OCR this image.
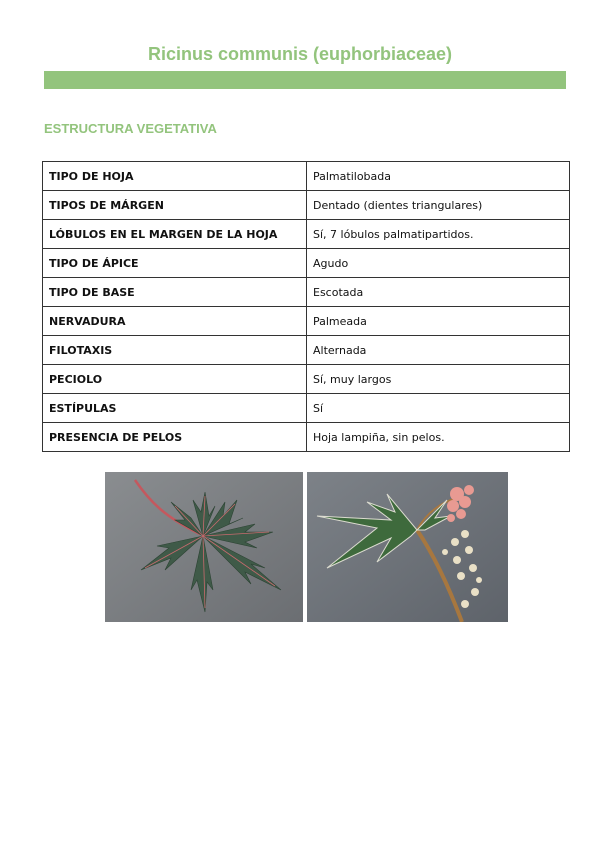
Ricinus communis (euphorbiaceae)
ESTRUCTURA VEGETATIVA
TIPO DE HOJA	Palmatilobada
TIPOS DE MÁRGEN	Dentado (dientes triangulares)
LÓBULOS EN EL MARGEN DE LA HOJA	Sí, 7 lóbulos palmatipartidos.
TIPO DE ÁPICE	Agudo
TIPO DE BASE	Escotada
NERVADURA	Palmeada
FILOTAXIS	Alternada
PECIOLO	Sí, muy largos
ESTÍPULAS	Sí
PRESENCIA DE PELOS	Hoja lampiña, sin pelos.
